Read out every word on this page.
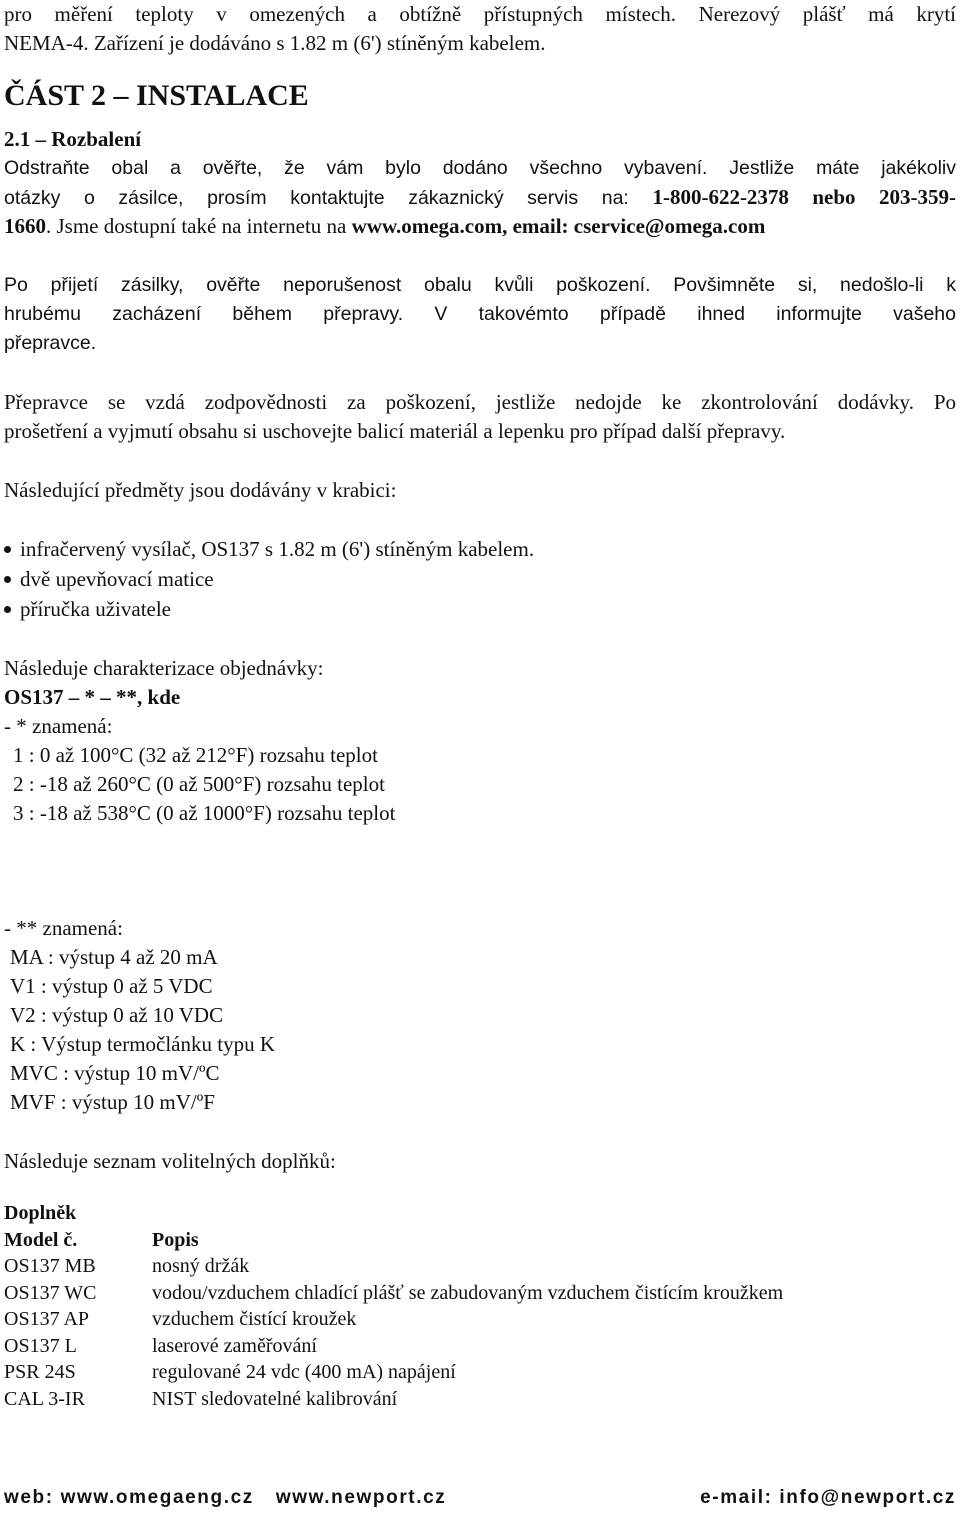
pro měření teploty v omezených a obtížně přístupných místech. Nerezový plášť má krytí
NEMA-4. Zařízení je dodáváno s 1.82 m (6') stíněným kabelem.
ČÁST 2 – INSTALACE
2.1 – Rozbalení
Odstraňte obal a ověřte, že vám bylo dodáno všechno vybavení. Jestliže máte jakékoliv
otázky o zásilce, prosím kontaktujte zákaznický servis na: 1-800-622-2378 nebo 203-359-
1660. Jsme dostupní také na internetu na www.omega.com, email: cservice@omega.com
Po přijetí zásilky, ověřte neporušenost obalu kvůli poškození. Povšimněte si, nedošlo-li k
hrubému zacházení během přepravy. V takovémto případě ihned informujte vašeho
přepravce.
Přepravce se vzdá zodpovědnosti za poškození, jestliže nedojde ke zkontrolování dodávky. Po
prošetření a vyjmutí obsahu si uschovejte balicí materiál a lepenku pro případ další přepravy.
Následující předměty jsou dodávány v krabici:
infračervený vysílač, OS137 s 1.82 m (6') stíněným kabelem.
dvě upevňovací matice
příručka uživatele
Následuje charakterizace objednávky:
OS137 – * – **, kde
- * znamená:
1 : 0 až 100°C (32 až 212°F) rozsahu teplot
2 : -18 až 260°C (0 až 500°F) rozsahu teplot
3 : -18 až 538°C (0 až 1000°F) rozsahu teplot
- ** znamená:
MA : výstup 4 až 20 mA
V1 : výstup 0 až 5 VDC
V2 : výstup 0 až 10 VDC
K : Výstup termočlánku typu K
MVC : výstup 10 mV/ºC
MVF : výstup 10 mV/ºF
Následuje seznam volitelných doplňků:
Doplněk	
Model č.	Popis
OS137 MB	nosný držák
OS137 WC	vodou/vzduchem chladící plášť se zabudovaným vzduchem čistícím kroužkem
OS137 AP	vzduchem čistící kroužek
OS137 L	laserové zaměřování
PSR 24S	regulované 24 vdc (400 mA) napájení
CAL 3-IR	NIST sledovatelné kalibrování
web: www.omegaeng.cz www.newport.cz	e-mail: info@newport.cz
